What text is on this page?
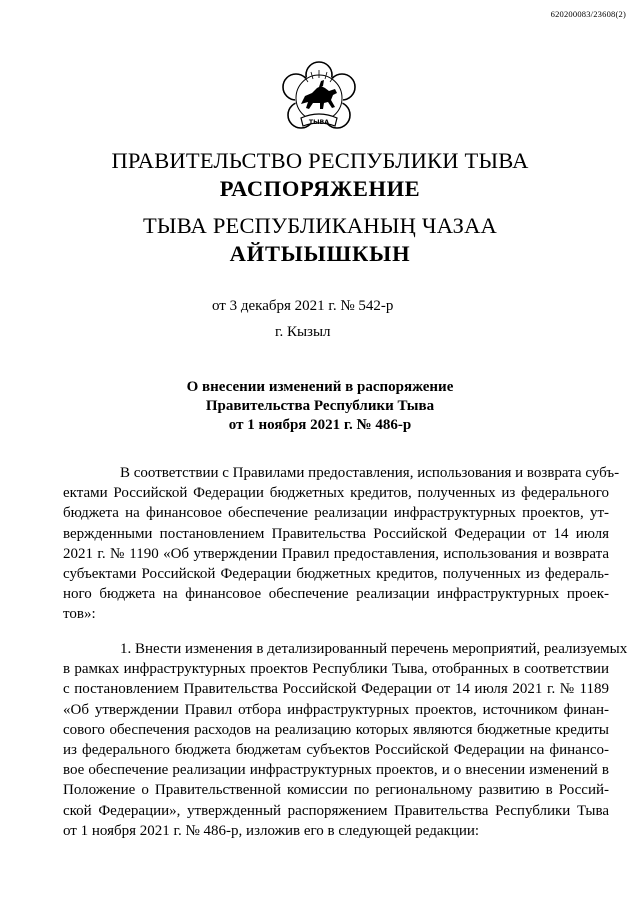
620200083/23608(2)
ТЫВА
ПРАВИТЕЛЬСТВО РЕСПУБЛИКИ ТЫВА
РАСПОРЯЖЕНИЕ
ТЫВА РЕСПУБЛИКАНЫҢ ЧАЗАА
АЙТЫЫШКЫН
от 3 декабря 2021 г. № 542-р
г. Кызыл
О внесении изменений в распоряжение
Правительства Республики Тыва
от 1 ноября 2021 г. № 486-р
В соответствии с Правилами предоставления, использования и возврата субъ-
ектами Российской Федерации бюджетных кредитов, полученных из федерального
бюджета на финансовое обеспечение реализации инфраструктурных проектов, ут-
вержденными постановлением Правительства Российской Федерации от 14 июля
2021 г. № 1190 «Об утверждении Правил предоставления, использования и возврата
субъектами Российской Федерации бюджетных кредитов, полученных из федераль-
ного бюджета на финансовое обеспечение реализации инфраструктурных проек-
тов»:
1. Внести изменения в детализированный перечень мероприятий, реализуемых
в рамках инфраструктурных проектов Республики Тыва, отобранных в соответствии
с постановлением Правительства Российской Федерации от 14 июля 2021 г. № 1189
«Об утверждении Правил отбора инфраструктурных проектов, источником финан-
сового обеспечения расходов на реализацию которых являются бюджетные кредиты
из федерального бюджета бюджетам субъектов Российской Федерации на финансо-
вое обеспечение реализации инфраструктурных проектов, и о внесении изменений в
Положение о Правительственной комиссии по региональному развитию в Россий-
ской Федерации», утвержденный распоряжением Правительства Республики Тыва
от 1 ноября 2021 г. № 486-р, изложив его в следующей редакции:
